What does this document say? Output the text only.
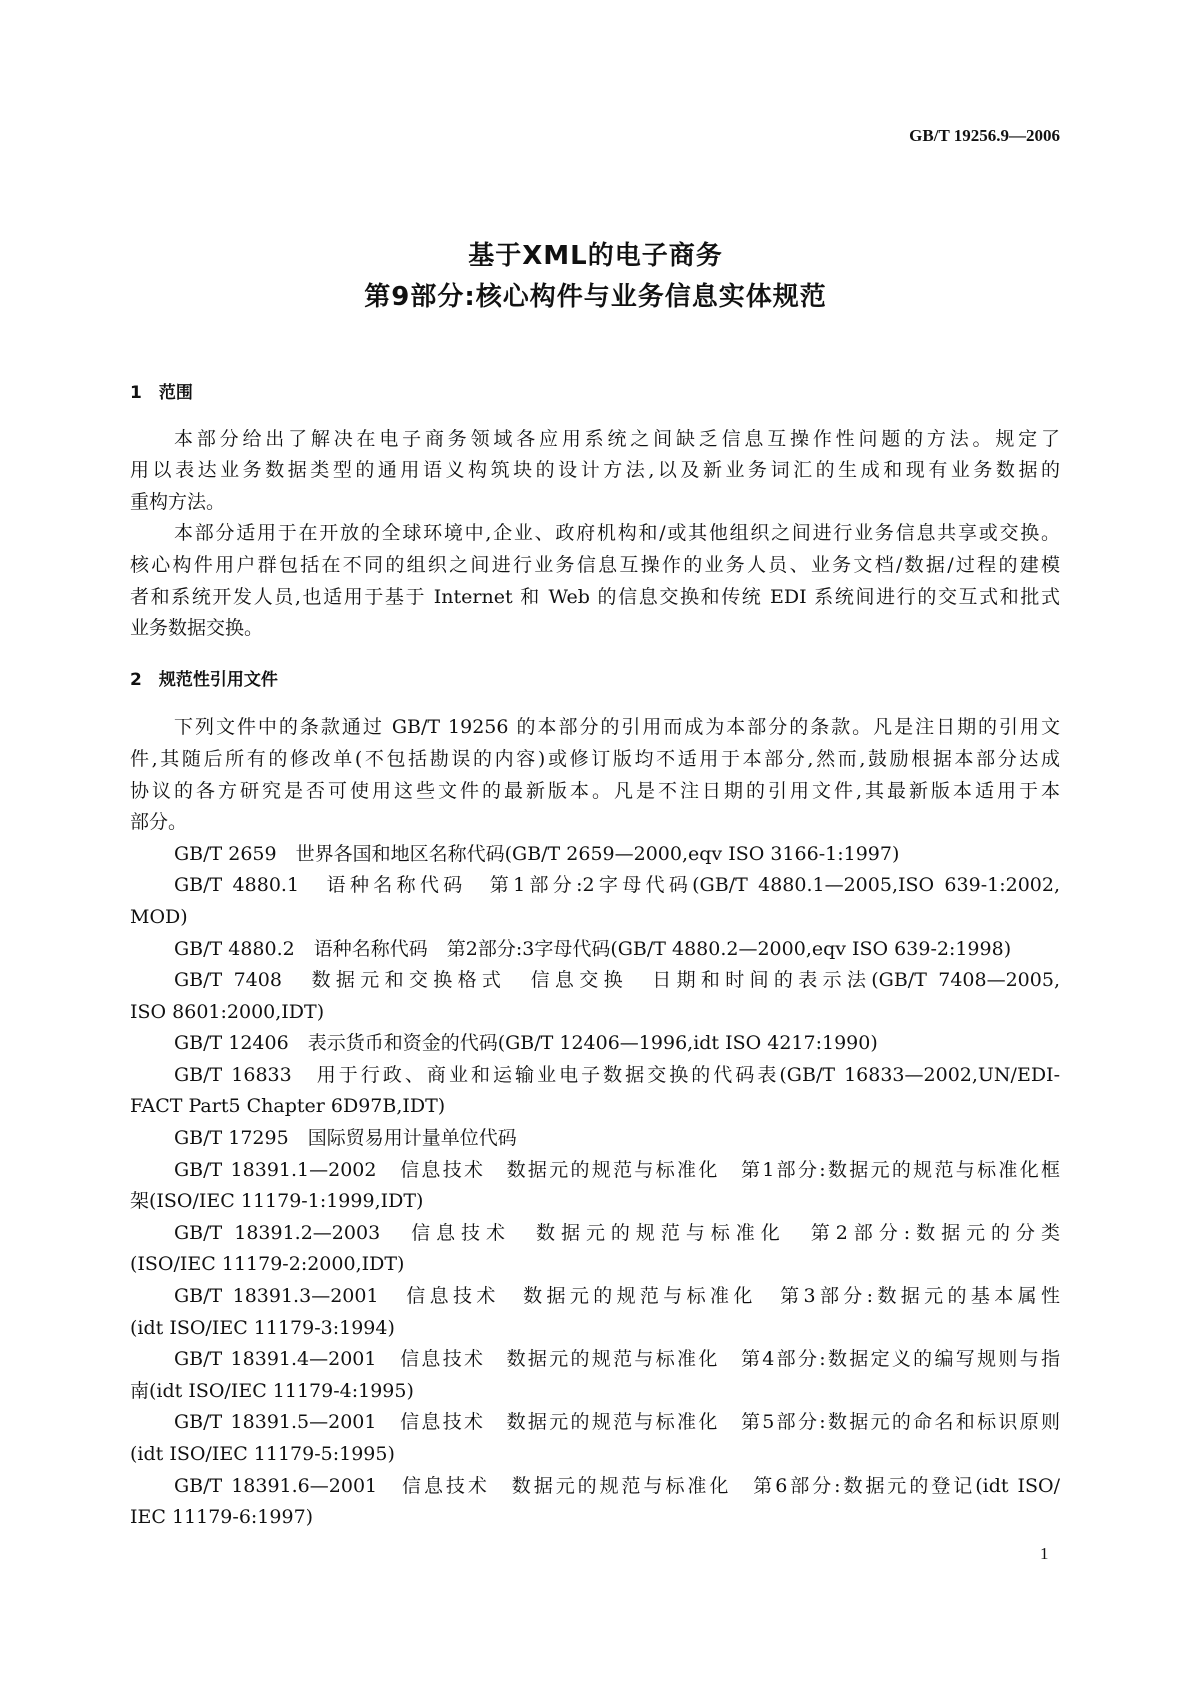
GB/T 19256.9—2006
基于XML的电子商务
第9部分:核心构件与业务信息实体规范
1　范围
本部分给出了解决在电子商务领域各应用系统之间缺乏信息互操作性问题的方法。规定了
用以表达业务数据类型的通用语义构筑块的设计方法,以及新业务词汇的生成和现有业务数据的
重构方法。
本部分适用于在开放的全球环境中,企业、政府机构和/或其他组织之间进行业务信息共享或交换。
核心构件用户群包括在不同的组织之间进行业务信息互操作的业务人员、业务文档/数据/过程的建模
者和系统开发人员,也适用于基于 Internet 和 Web 的信息交换和传统 EDI 系统间进行的交互式和批式
业务数据交换。
2　规范性引用文件
下列文件中的条款通过 GB/T 19256 的本部分的引用而成为本部分的条款。凡是注日期的引用文
件,其随后所有的修改单(不包括勘误的内容)或修订版均不适用于本部分,然而,鼓励根据本部分达成
协议的各方研究是否可使用这些文件的最新版本。凡是不注日期的引用文件,其最新版本适用于本
部分。
GB/T 2659　世界各国和地区名称代码(GB/T 2659—2000,eqv ISO 3166-1:1997)
GB/T 4880.1　语种名称代码　第1部分:2字母代码(GB/T 4880.1—2005,ISO 639-1:2002,
MOD)
GB/T 4880.2　语种名称代码　第2部分:3字母代码(GB/T 4880.2—2000,eqv ISO 639-2:1998)
GB/T 7408　数据元和交换格式　信息交换　日期和时间的表示法(GB/T 7408—2005,
ISO 8601:2000,IDT)
GB/T 12406　表示货币和资金的代码(GB/T 12406—1996,idt ISO 4217:1990)
GB/T 16833　用于行政、商业和运输业电子数据交换的代码表(GB/T 16833—2002,UN/EDI-
FACT Part5 Chapter 6D97B,IDT)
GB/T 17295　国际贸易用计量单位代码
GB/T 18391.1—2002　信息技术　数据元的规范与标准化　第1部分:数据元的规范与标准化框
架(ISO/IEC 11179-1:1999,IDT)
GB/T 18391.2—2003　信息技术　数据元的规范与标准化　第2部分:数据元的分类
(ISO/IEC 11179-2:2000,IDT)
GB/T 18391.3—2001　信息技术　数据元的规范与标准化　第3部分:数据元的基本属性
(idt ISO/IEC 11179-3:1994)
GB/T 18391.4—2001　信息技术　数据元的规范与标准化　第4部分:数据定义的编写规则与指
南(idt ISO/IEC 11179-4:1995)
GB/T 18391.5—2001　信息技术　数据元的规范与标准化　第5部分:数据元的命名和标识原则
(idt ISO/IEC 11179-5:1995)
GB/T 18391.6—2001　信息技术　数据元的规范与标准化　第6部分:数据元的登记(idt ISO/
IEC 11179-6:1997)
1
